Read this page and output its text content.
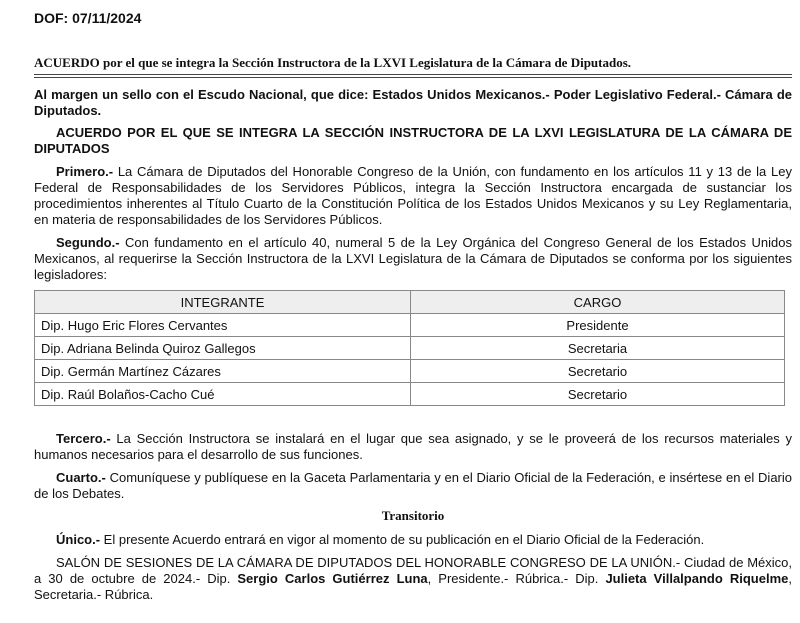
DOF: 07/11/2024
ACUERDO por el que se integra la Sección Instructora de la LXVI Legislatura de la Cámara de Diputados.

Al margen un sello con el Escudo Nacional, que dice: Estados Unidos Mexicanos.- Poder Legislativo Federal.- Cámara de Diputados.

ACUERDO POR EL QUE SE INTEGRA LA SECCIÓN INSTRUCTORA DE LA LXVI LEGISLATURA DE LA CÁMARA DE DIPUTADOS

Primero.- La Cámara de Diputados del Honorable Congreso de la Unión, con fundamento en los artículos 11 y 13 de la Ley Federal de Responsabilidades de los Servidores Públicos, integra la Sección Instructora encargada de sustanciar los procedimientos inherentes al Título Cuarto de la Constitución Política de los Estados Unidos Mexicanos y su Ley Reglamentaria, en materia de responsabilidades de los Servidores Públicos.

Segundo.- Con fundamento en el artículo 40, numeral 5 de la Ley Orgánica del Congreso General de los Estados Unidos Mexicanos, al requerirse la Sección Instructora de la LXVI Legislatura de la Cámara de Diputados se conforma por los siguientes legisladores:

INTEGRANTE	CARGO
Dip. Hugo Eric Flores Cervantes	Presidente
Dip. Adriana Belinda Quiroz Gallegos	Secretaria
Dip. Germán Martínez Cázares	Secretario
Dip. Raúl Bolaños-Cacho Cué	Secretario

Tercero.- La Sección Instructora se instalará en el lugar que sea asignado, y se le proveerá de los recursos materiales y humanos necesarios para el desarrollo de sus funciones.

Cuarto.- Comuníquese y publíquese en la Gaceta Parlamentaria y en el Diario Oficial de la Federación, e insértese en el Diario de los Debates.

Transitorio

Único.- El presente Acuerdo entrará en vigor al momento de su publicación en el Diario Oficial de la Federación.

SALÓN DE SESIONES DE LA CÁMARA DE DIPUTADOS DEL HONORABLE CONGRESO DE LA UNIÓN.- Ciudad de México, a 30 de octubre de 2024.- Dip. Sergio Carlos Gutiérrez Luna, Presidente.- Rúbrica.- Dip. Julieta Villalpando Riquelme, Secretaria.- Rúbrica.
